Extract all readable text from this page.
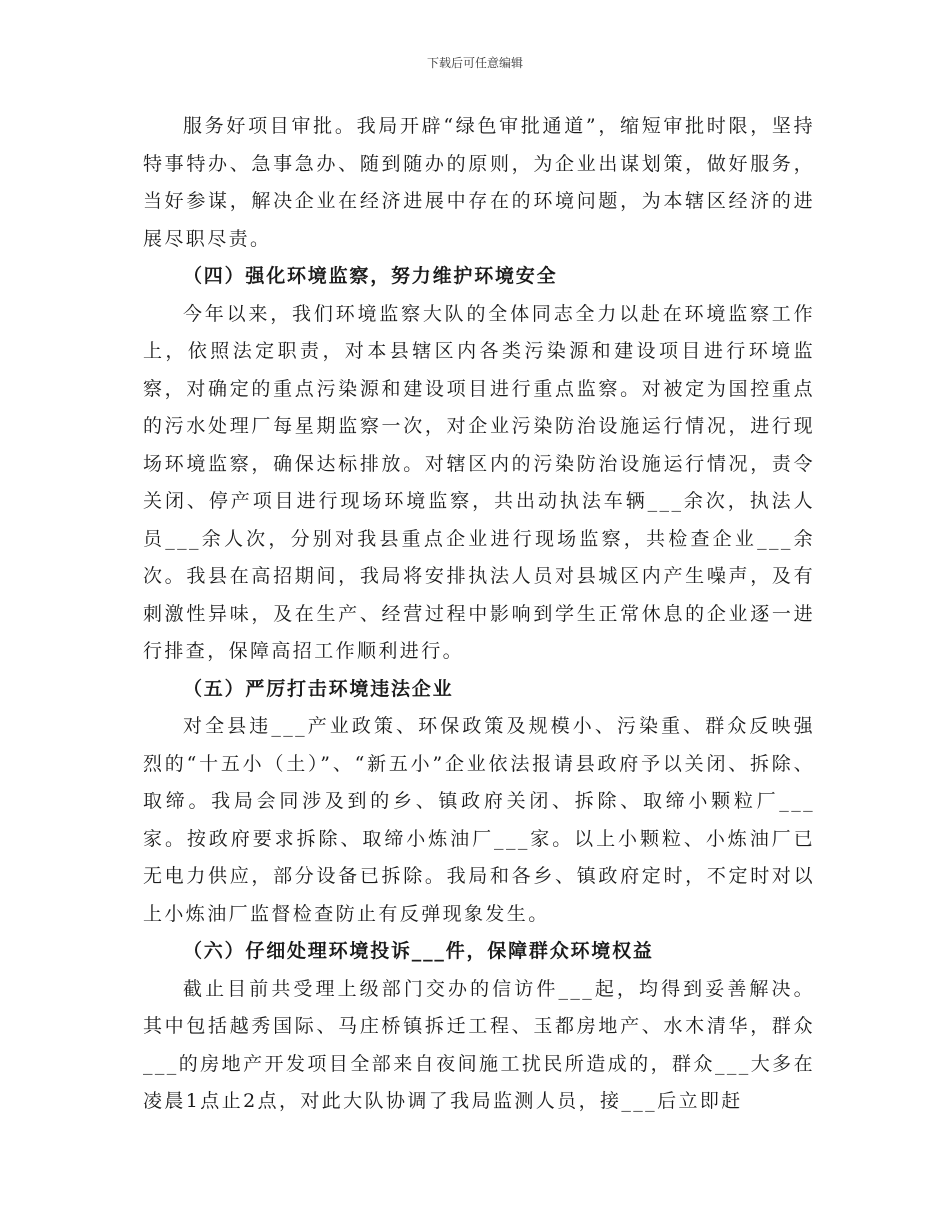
下载后可任意编辑

服务好项目审批。我局开辟“绿色审批通道”，缩短审批时限，坚持特事特办、急事急办、随到随办的原则，为企业出谋划策，做好服务，当好参谋，解决企业在经济进展中存在的环境问题，为本辖区经济的进展尽职尽责。

（四）强化环境监察，努力维护环境安全

今年以来，我们环境监察大队的全体同志全力以赴在环境监察工作上，依照法定职责，对本县辖区内各类污染源和建设项目进行环境监察，对确定的重点污染源和建设项目进行重点监察。对被定为国控重点的污水处理厂每星期监察一次，对企业污染防治设施运行情况，进行现场环境监察，确保达标排放。对辖区内的污染防治设施运行情况，责令关闭、停产项目进行现场环境监察，共出动执法车辆___余次，执法人员___余人次，分别对我县重点企业进行现场监察，共检查企业___余次。我县在高招期间，我局将安排执法人员对县城区内产生噪声，及有刺激性异味，及在生产、经营过程中影响到学生正常休息的企业逐一进行排查，保障高招工作顺利进行。

（五）严厉打击环境违法企业

对全县违___产业政策、环保政策及规模小、污染重、群众反映强烈的“十五小（土）”、“新五小”企业依法报请县政府予以关闭、拆除、取缔。我局会同涉及到的乡、镇政府关闭、拆除、取缔小颗粒厂___家。按政府要求拆除、取缔小炼油厂___家。以上小颗粒、小炼油厂已无电力供应，部分设备已拆除。我局和各乡、镇政府定时，不定时对以上小炼油厂监督检查防止有反弹现象发生。

（六）仔细处理环境投诉___件，保障群众环境权益

截止目前共受理上级部门交办的信访件___起，均得到妥善解决。其中包括越秀国际、马庄桥镇拆迁工程、玉都房地产、水木清华，群众___的房地产开发项目全部来自夜间施工扰民所造成的，群众___大多在凌晨1点止2点，对此大队协调了我局监测人员，接___后立即赶
